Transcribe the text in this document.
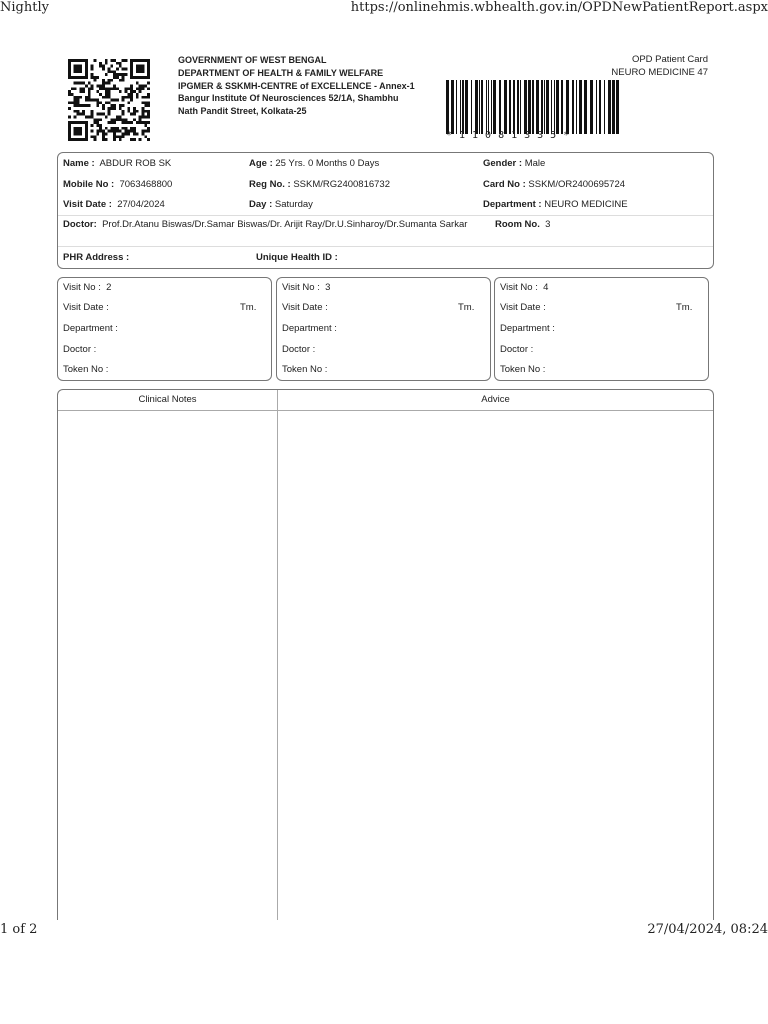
Nightly	https://onlinehmis.wbhealth.gov.in/OPDNewPatientReport.aspx
1 of 2	27/04/2024, 08:24
GOVERNMENT OF WEST BENGAL
DEPARTMENT OF HEALTH & FAMILY WELFARE
IPGMER & SSKMH-CENTRE of EXCELLENCE - Annex-1
Bangur Institute Of Neurosciences 52/1A, Shambhu
Nath Pandit Street, Kolkata-25
OPD Patient Card
NEURO MEDICINE 47
*11081335*
Name : ABDUR ROB SK	Age : 25 Yrs. 0 Months 0 Days	Gender : Male
Mobile No : 7063468800	Reg No. : SSKM/RG2400816732	Card No : SSKM/OR2400695724
Visit Date : 27/04/2024	Day : Saturday	Department : NEURO MEDICINE
Doctor: Prof.Dr.Atanu Biswas/Dr.Samar Biswas/Dr. Arijit Ray/Dr.U.Sinharoy/Dr.Sumanta Sarkar	Room No. 3
PHR Address :	Unique Health ID :
Visit No : 2
Visit Date :	Tm.
Department :
Doctor :
Token No :
Visit No : 3
Visit Date :	Tm.
Department :
Doctor :
Token No :
Visit No : 4
Visit Date :	Tm.
Department :
Doctor :
Token No :
Clinical Notes	Advice
